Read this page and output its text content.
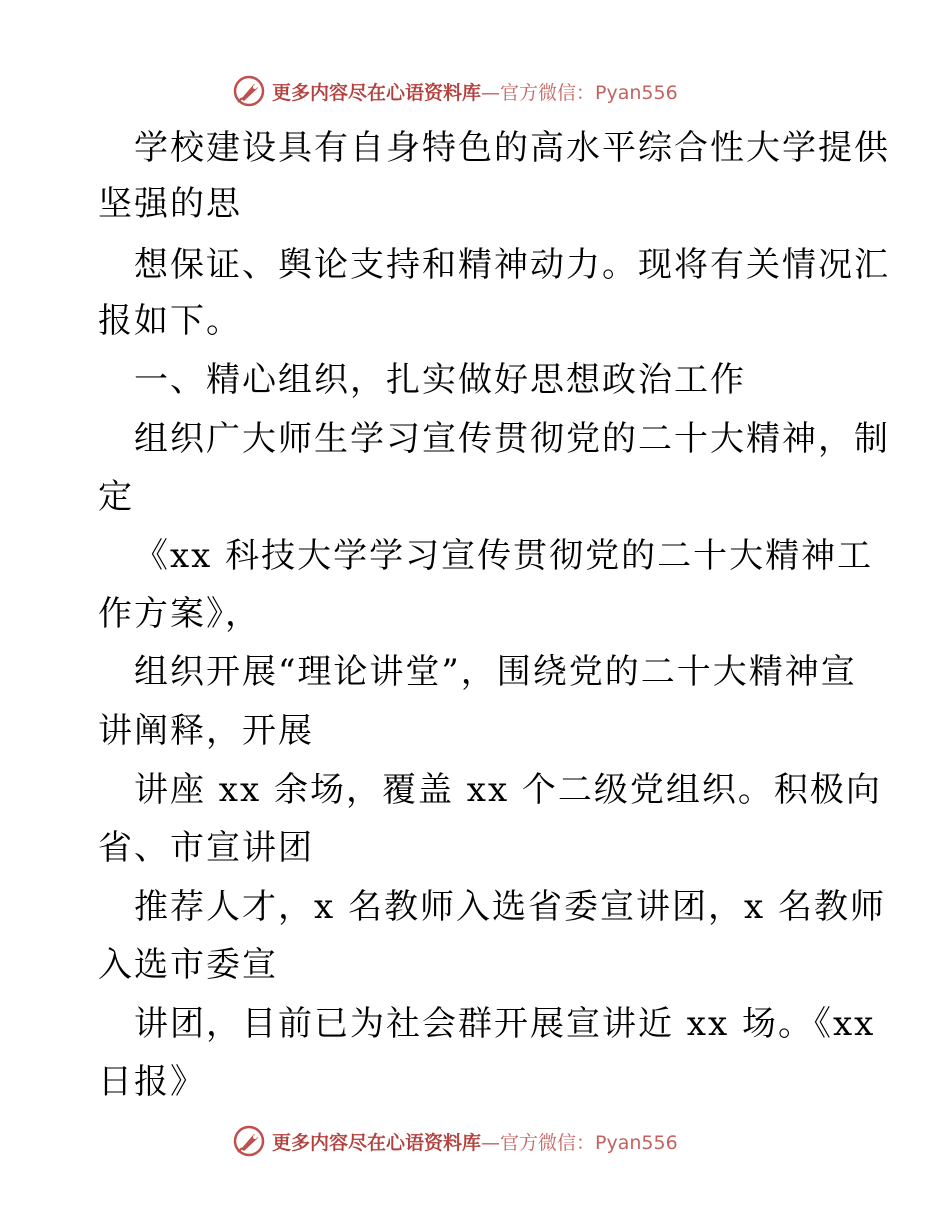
更多内容尽在心语资料库—官方微信：Pyan556
学校建设具有自身特色的高水平综合性大学提供
坚强的思
想保证、舆论支持和精神动力。现将有关情况汇
报如下。
一、精心组织，扎实做好思想政治工作
组织广大师生学习宣传贯彻党的二十大精神，制
定
《xx 科技大学学习宣传贯彻党的二十大精神工
作方案》，
组织开展“理论讲堂”，围绕党的二十大精神宣
讲阐释，开展
讲座 xx 余场，覆盖 xx 个二级党组织。积极向
省、市宣讲团
推荐人才，x 名教师入选省委宣讲团，x 名教师
入选市委宣
讲团，目前已为社会群开展宣讲近 xx 场。《xx
日报》
更多内容尽在心语资料库—官方微信：Pyan556
